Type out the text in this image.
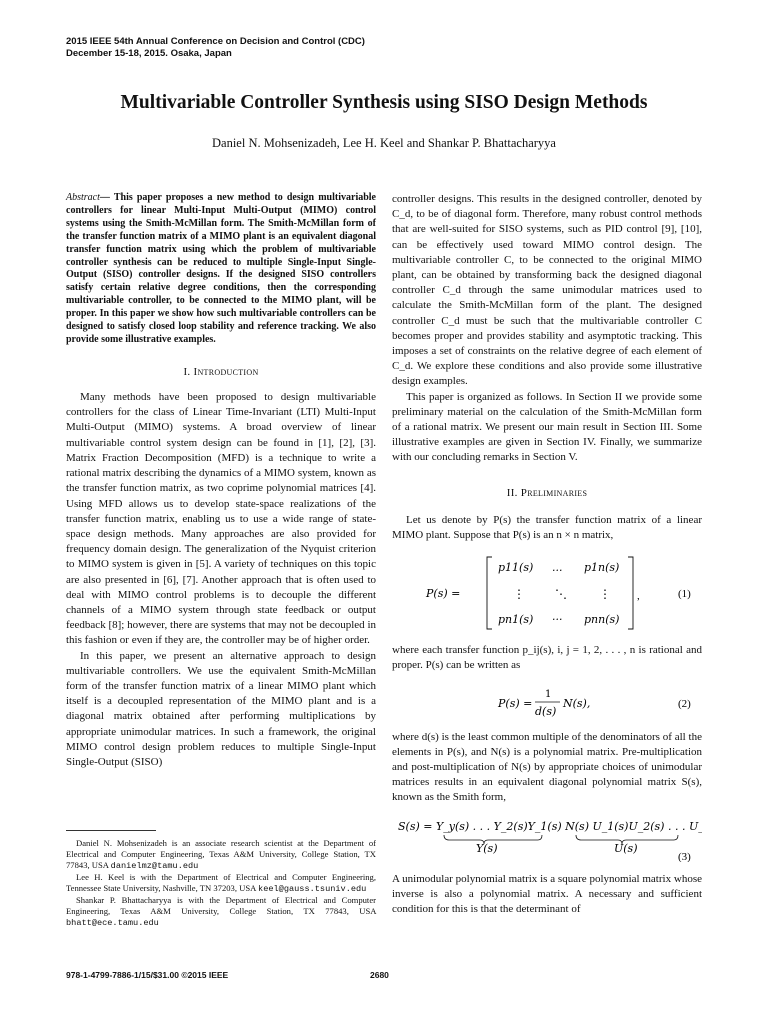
2015 IEEE 54th Annual Conference on Decision and Control (CDC)
December 15-18, 2015. Osaka, Japan
Multivariable Controller Synthesis using SISO Design Methods
Daniel N. Mohsenizadeh, Lee H. Keel and Shankar P. Bhattacharyya
Abstract— This paper proposes a new method to design multivariable controllers for linear Multi-Input Multi-Output (MIMO) control systems using the Smith-McMillan form. The Smith-McMillan form of the transfer function matrix of a MIMO plant is an equivalent diagonal transfer function matrix using which the problem of multivariable controller synthesis can be reduced to multiple Single-Input Single-Output (SISO) controller designs. If the designed SISO controllers satisfy certain relative degree conditions, then the corresponding multivariable controller, to be connected to the MIMO plant, will be proper. In this paper we show how such multivariable controllers can be designed to satisfy closed loop stability and reference tracking. We also provide some illustrative examples.
I. Introduction

Many methods have been proposed to design multivariable controllers for the class of Linear Time-Invariant (LTI) Multi-Input Multi-Output (MIMO) systems. A broad overview of linear multivariable control system design can be found in [1], [2], [3]. Matrix Fraction Decomposition (MFD) is a technique to write a rational matrix describing the dynamics of a MIMO system, known as the transfer function matrix, as two coprime polynomial matrices [4]. Using MFD allows us to develop state-space realizations of the transfer function matrix, enabling us to use a wide range of state-space design methods. Many approaches are also provided for frequency domain design. The generalization of the Nyquist criterion to MIMO system is given in [5]. A variety of techniques on this topic are also presented in [6], [7]. Another approach that is often used to deal with MIMO control problems is to decouple the different channels of a MIMO system through state feedback or output feedback [8]; however, there are systems that may not be decoupled in this fashion or even if they are, the controller may be of higher order.

In this paper, we present an alternative approach to design multivariable controllers. We use the equivalent Smith-McMillan form of the transfer function matrix of a linear MIMO plant which itself is a decoupled representation of the MIMO plant and is a diagonal matrix obtained after performing multiplications by appropriate unimodular matrices. In such a framework, the original MIMO control design problem reduces to multiple Single-Input Single-Output (SISO)

Daniel N. Mohsenizadeh is an associate research scientist at the Department of Electrical and Computer Engineering, Texas A&M University, College Station, TX 77843, USA danielmz@tamu.edu

Lee H. Keel is with the Department of Electrical and Computer Engineering, Tennessee State University, Nashville, TN 37203, USA keel@gauss.tsuniv.edu

Shankar P. Bhattacharyya is with the Department of Electrical and Computer Engineering, Texas A&M University, College Station, TX 77843, USA bhatt@ece.tamu.edu

controller designs. This results in the designed controller, denoted by C_d, to be of diagonal form. Therefore, many robust control methods that are well-suited for SISO systems, such as PID control [9], [10], can be effectively used toward MIMO control design. The multivariable controller C, to be connected to the original MIMO plant, can be obtained by transforming back the designed diagonal controller C_d through the same unimodular matrices used to calculate the Smith-McMillan form of the plant. The designed controller C_d must be such that the multivariable controller C becomes proper and provides stability and asymptotic tracking. This imposes a set of constraints on the relative degree of each element of C_d. We explore these conditions and also provide some illustrative design examples.

This paper is organized as follows. In Section II we provide some preliminary material on the calculation of the Smith-McMillan form of a rational matrix. We present our main result in Section III. Some illustrative examples are given in Section IV. Finally, we summarize with our concluding remarks in Section V.

II. Preliminaries

Let us denote by P(s) the transfer function matrix of a linear MIMO plant. Suppose that P(s) is an n × n matrix,

P(s) =
p11(s) ... p1n(s)
⋮	⋱	⋮
pn1(s) ··· pnn(s)
,	(1)

where each transfer function p_ij(s), i, j = 1, 2, . . . , n is rational and proper. P(s) can be written as

P(s) =
1
d(s)
N(s),	(2)

where d(s) is the least common multiple of the denominators of all the elements in P(s), and N(s) is a polynomial matrix. Pre-multiplication and post-multiplication of N(s) by appropriate choices of unimodular matrices results in an equivalent diagonal polynomial matrix S(s), known as the Smith form,

S(s) = Y_y(s) . . . Y_2(s)Y_1(s) N(s) U_1(s)U_2(s) . . . U_u(s) .
Y(s)	U(s)
(3)

A unimodular polynomial matrix is a square polynomial matrix whose inverse is also a polynomial matrix. A necessary and sufficient condition for this is that the determinant of

978-1-4799-7886-1/15/$31.00 ©2015 IEEE	2680
